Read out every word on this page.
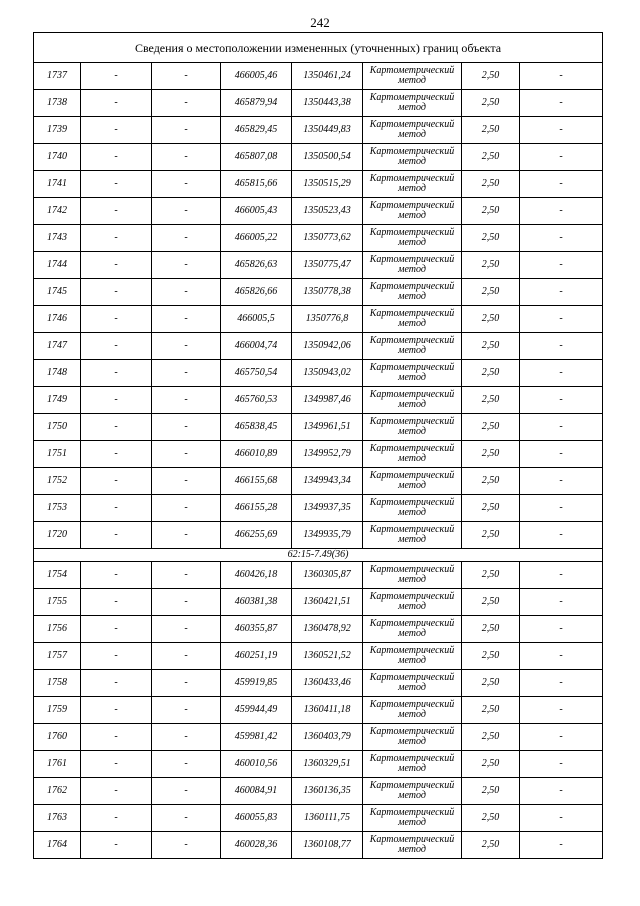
242
Сведения о местоположении измененных (уточненных) границ объекта							
1737	-	-	466005,46	1350461,24	Картометрический метод	2,50	-
1738	-	-	465879,94	1350443,38	Картометрический метод	2,50	-
1739	-	-	465829,45	1350449,83	Картометрический метод	2,50	-
1740	-	-	465807,08	1350500,54	Картометрический метод	2,50	-
1741	-	-	465815,66	1350515,29	Картометрический метод	2,50	-
1742	-	-	466005,43	1350523,43	Картометрический метод	2,50	-
1743	-	-	466005,22	1350773,62	Картометрический метод	2,50	-
1744	-	-	465826,63	1350775,47	Картометрический метод	2,50	-
1745	-	-	465826,66	1350778,38	Картометрический метод	2,50	-
1746	-	-	466005,5	1350776,8	Картометрический метод	2,50	-
1747	-	-	466004,74	1350942,06	Картометрический метод	2,50	-
1748	-	-	465750,54	1350943,02	Картометрический метод	2,50	-
1749	-	-	465760,53	1349987,46	Картометрический метод	2,50	-
1750	-	-	465838,45	1349961,51	Картометрический метод	2,50	-
1751	-	-	466010,89	1349952,79	Картометрический метод	2,50	-
1752	-	-	466155,68	1349943,34	Картометрический метод	2,50	-
1753	-	-	466155,28	1349937,35	Картометрический метод	2,50	-
1720	-	-	466255,69	1349935,79	Картометрический метод	2,50	-
62:15-7.49(36)							
1754	-	-	460426,18	1360305,87	Картометрический метод	2,50	-
1755	-	-	460381,38	1360421,51	Картометрический метод	2,50	-
1756	-	-	460355,87	1360478,92	Картометрический метод	2,50	-
1757	-	-	460251,19	1360521,52	Картометрический метод	2,50	-
1758	-	-	459919,85	1360433,46	Картометрический метод	2,50	-
1759	-	-	459944,49	1360411,18	Картометрический метод	2,50	-
1760	-	-	459981,42	1360403,79	Картометрический метод	2,50	-
1761	-	-	460010,56	1360329,51	Картометрический метод	2,50	-
1762	-	-	460084,91	1360136,35	Картометрический метод	2,50	-
1763	-	-	460055,83	1360111,75	Картометрический метод	2,50	-
1764	-	-	460028,36	1360108,77	Картометрический метод	2,50	-
